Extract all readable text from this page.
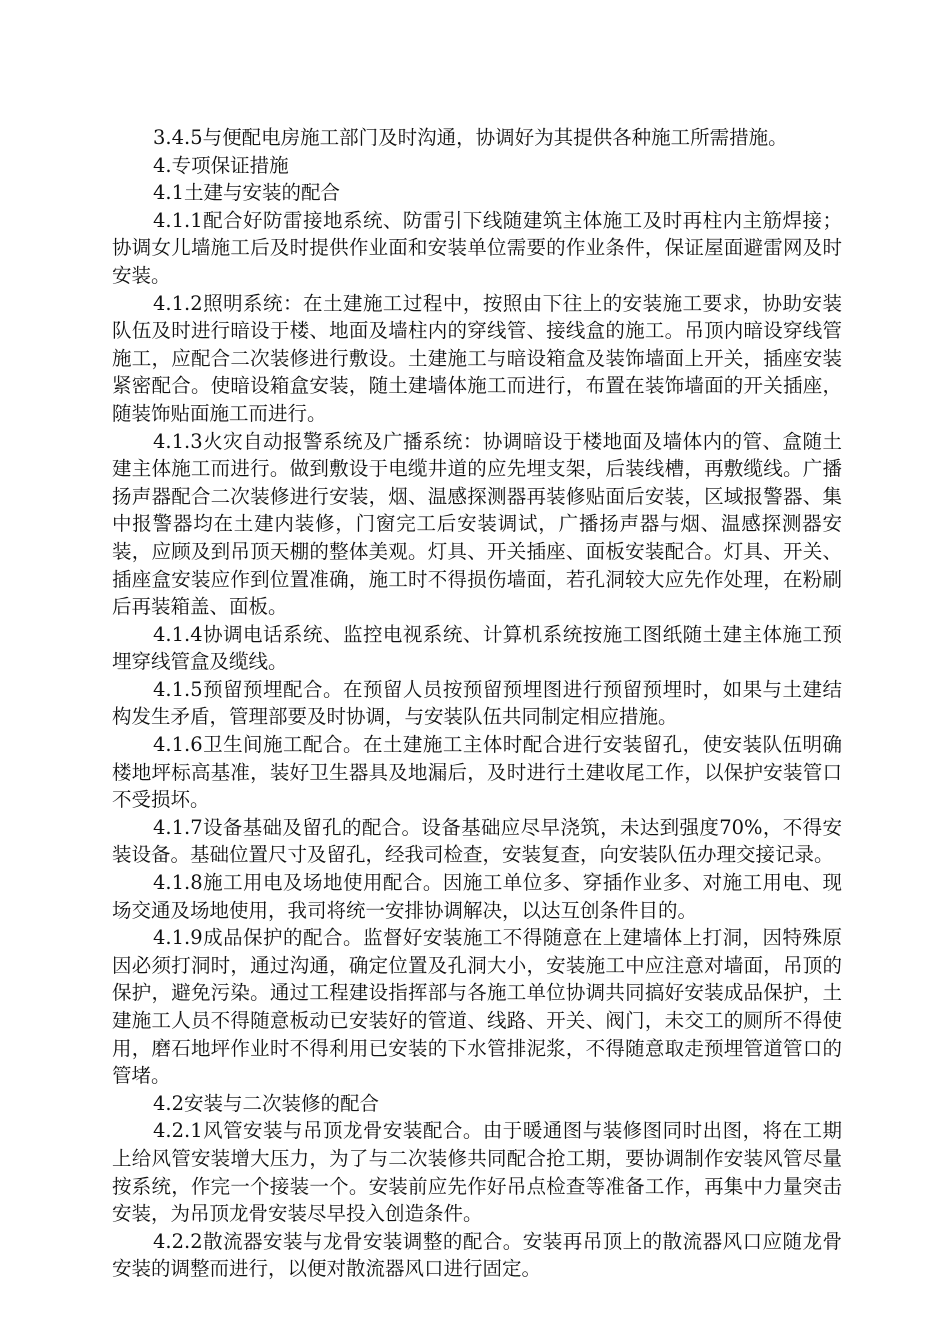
3.4.5与便配电房施工部门及时沟通，协调好为其提供各种施工所需措施。

4.专项保证措施

4.1土建与安装的配合

4.1.1配合好防雷接地系统、防雷引下线随建筑主体施工及时再柱内主筋焊接；协调女儿墙施工后及时提供作业面和安装单位需要的作业条件，保证屋面避雷网及时安装。

4.1.2照明系统：在土建施工过程中，按照由下往上的安装施工要求，协助安装队伍及时进行暗设于楼、地面及墙柱内的穿线管、接线盒的施工。吊顶内暗设穿线管施工，应配合二次装修进行敷设。土建施工与暗设箱盒及装饰墙面上开关，插座安装紧密配合。使暗设箱盒安装，随土建墙体施工而进行，布置在装饰墙面的开关插座，随装饰贴面施工而进行。

4.1.3火灾自动报警系统及广播系统：协调暗设于楼地面及墙体内的管、盒随土建主体施工而进行。做到敷设于电缆井道的应先埋支架，后装线槽，再敷缆线。广播扬声器配合二次装修进行安装，烟、温感探测器再装修贴面后安装，区域报警器、集中报警器均在土建内装修，门窗完工后安装调试，广播扬声器与烟、温感探测器安装，应顾及到吊顶天棚的整体美观。灯具、开关插座、面板安装配合。灯具、开关、插座盒安装应作到位置准确，施工时不得损伤墙面，若孔洞较大应先作处理，在粉刷后再装箱盖、面板。

4.1.4协调电话系统、监控电视系统、计算机系统按施工图纸随土建主体施工预埋穿线管盒及缆线。

4.1.5预留预埋配合。在预留人员按预留预埋图进行预留预埋时，如果与土建结构发生矛盾，管理部要及时协调，与安装队伍共同制定相应措施。

4.1.6卫生间施工配合。在土建施工主体时配合进行安装留孔，使安装队伍明确楼地坪标高基准，装好卫生器具及地漏后，及时进行土建收尾工作，以保护安装管口不受损坏。

4.1.7设备基础及留孔的配合。设备基础应尽早浇筑，未达到强度70%，不得安装设备。基础位置尺寸及留孔，经我司检查，安装复查，向安装队伍办理交接记录。

4.1.8施工用电及场地使用配合。因施工单位多、穿插作业多、对施工用电、现场交通及场地使用，我司将统一安排协调解决，以达互创条件目的。

4.1.9成品保护的配合。监督好安装施工不得随意在上建墙体上打洞，因特殊原因必须打洞时，通过沟通，确定位置及孔洞大小，安装施工中应注意对墙面，吊顶的保护，避免污染。通过工程建设指挥部与各施工单位协调共同搞好安装成品保护，土建施工人员不得随意板动已安装好的管道、线路、开关、阀门，未交工的厕所不得使用，磨石地坪作业时不得利用已安装的下水管排泥浆，不得随意取走预埋管道管口的管堵。

4.2安装与二次装修的配合

4.2.1风管安装与吊顶龙骨安装配合。由于暖通图与装修图同时出图，将在工期上给风管安装增大压力，为了与二次装修共同配合抢工期，要协调制作安装风管尽量按系统，作完一个接装一个。安装前应先作好吊点检查等准备工作，再集中力量突击安装，为吊顶龙骨安装尽早投入创造条件。

4.2.2散流器安装与龙骨安装调整的配合。安装再吊顶上的散流器风口应随龙骨安装的调整而进行，以便对散流器风口进行固定。
